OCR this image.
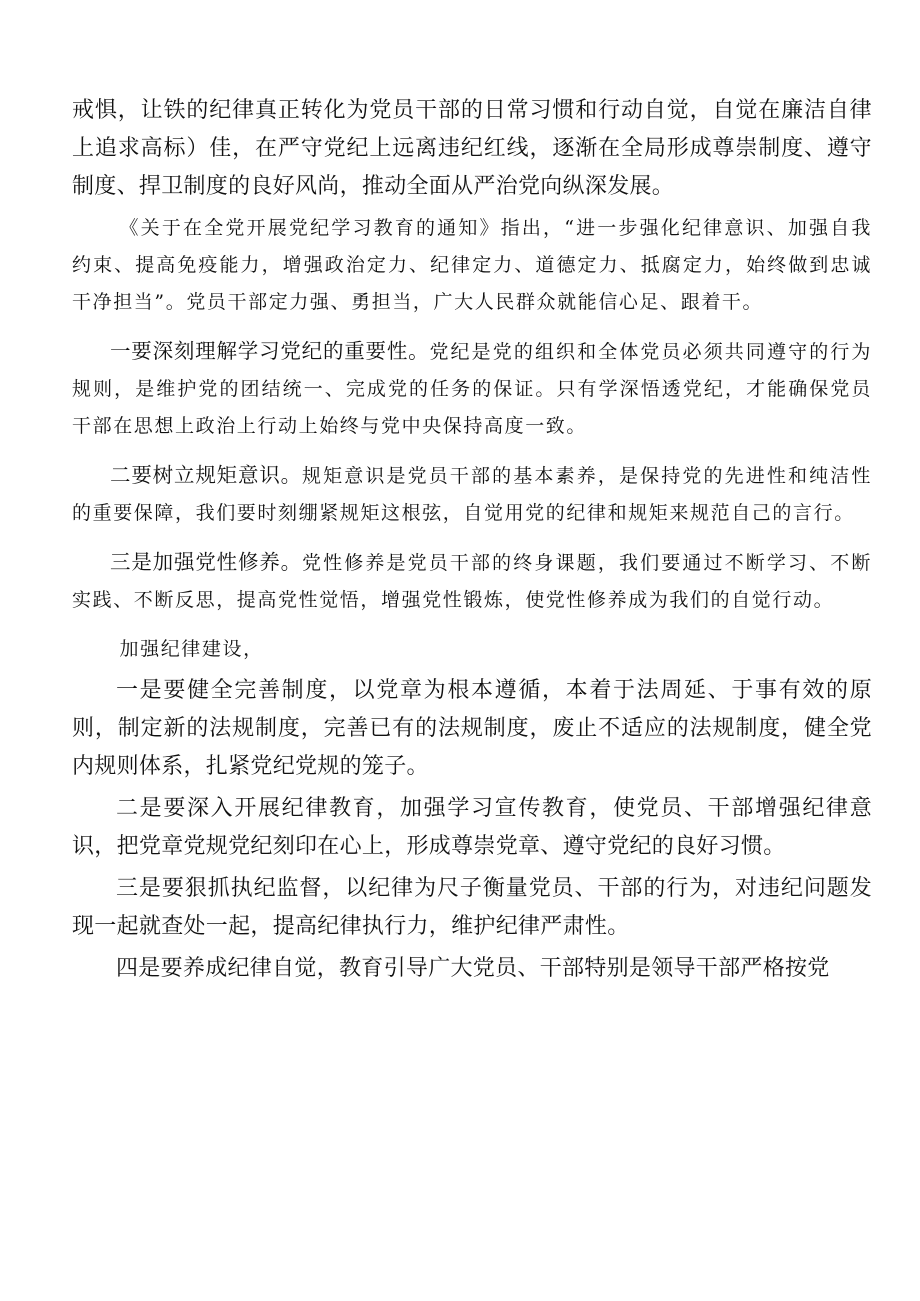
戒惧，让铁的纪律真正转化为党员干部的日常习惯和行动自觉，自觉在廉洁自律上追求高标）佳，在严守党纪上远离违纪红线，逐渐在全局形成尊崇制度、遵守制度、捍卫制度的良好风尚，推动全面从严治党向纵深发展。

《关于在全党开展党纪学习教育的通知》指出，“进一步强化纪律意识、加强自我约束、提高免疫能力，增强政治定力、纪律定力、道德定力、抵腐定力，始终做到忠诚干净担当”。党员干部定力强、勇担当，广大人民群众就能信心足、跟着干。

一要深刻理解学习党纪的重要性。党纪是党的组织和全体党员必须共同遵守的行为规则，是维护党的团结统一、完成党的任务的保证。只有学深悟透党纪，才能确保党员干部在思想上政治上行动上始终与党中央保持高度一致。

二要树立规矩意识。规矩意识是党员干部的基本素养，是保持党的先进性和纯洁性的重要保障，我们要时刻绷紧规矩这根弦，自觉用党的纪律和规矩来规范自己的言行。

三是加强党性修养。党性修养是党员干部的终身课题，我们要通过不断学习、不断实践、不断反思，提高党性觉悟，增强党性锻炼，使党性修养成为我们的自觉行动。

加强纪律建设，

一是要健全完善制度，以党章为根本遵循，本着于法周延、于事有效的原则，制定新的法规制度，完善已有的法规制度，废止不适应的法规制度，健全党内规则体系，扎紧党纪党规的笼子。

二是要深入开展纪律教育，加强学习宣传教育，使党员、干部增强纪律意识，把党章党规党纪刻印在心上，形成尊崇党章、遵守党纪的良好习惯。

三是要狠抓执纪监督，以纪律为尺子衡量党员、干部的行为，对违纪问题发现一起就查处一起，提高纪律执行力，维护纪律严肃性。

四是要养成纪律自觉，教育引导广大党员、干部特别是领导干部严格按党
